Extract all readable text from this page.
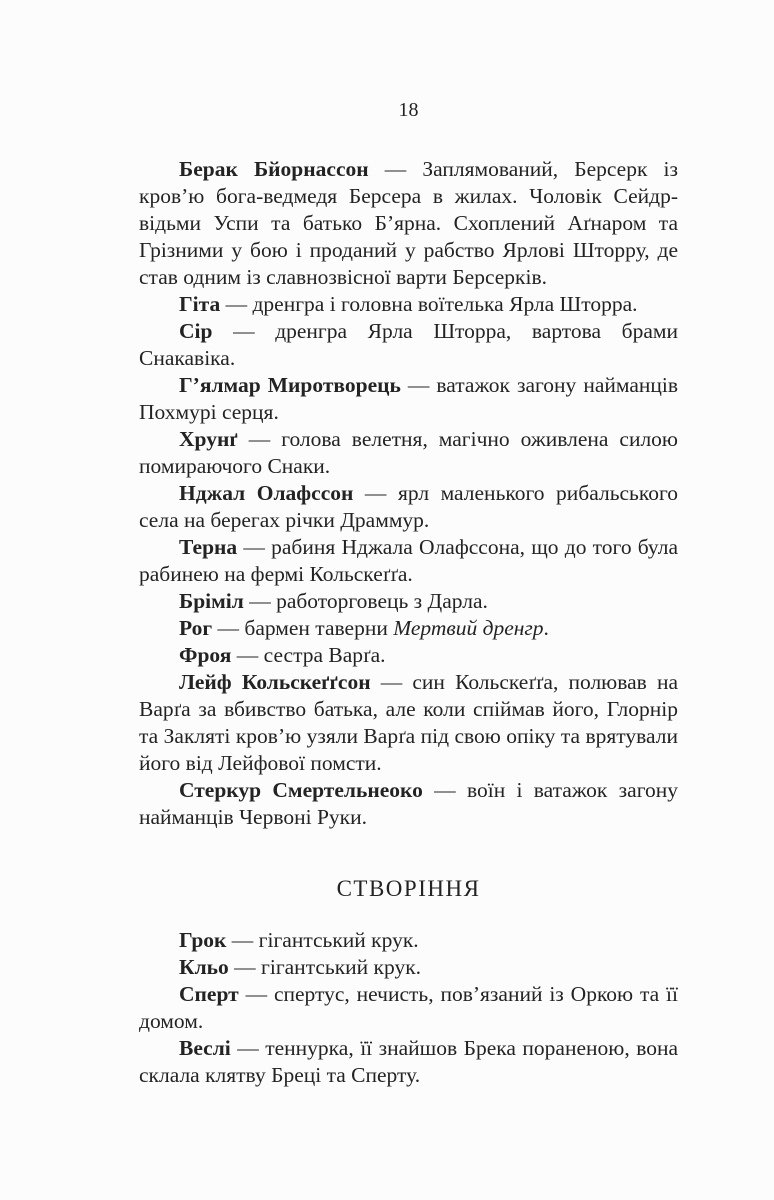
18

Берак Бйорнассон — Заплямований, Берсерк із кров’ю бога-ведмедя Берсера в жилах. Чоловік Сейдр-відьми Успи та батько Б’ярна. Схоплений Аґнаром та Грізними у бою і проданий у рабство Ярлові Шторру, де став одним із славнозвісної варти Берсерків.

Гіта — дренгра і головна воїтелька Ярла Шторра.

Сір — дренгра Ярла Шторра, вартова брами Снакавіка.

Г’ялмар Миротворець — ватажок загону найманців Похмурі серця.

Хрунґ — голова велетня, магічно оживлена силою помираючого Снаки.

Нджал Олафссон — ярл маленького рибальського села на берегах річки Драммур.

Терна — рабиня Нджала Олафссона, що до того була рабинею на фермі Кольскеґґа.

Бріміл — работорговець з Дарла.

Рог — бармен таверни Мертвий дренгр.

Фроя — сестра Варґа.

Лейф Кольскеґґсон — син Кольскеґґа, полював на Варґа за вбивство батька, але коли спіймав його, Глорнір та Закляті кров’ю узяли Варґа під свою опіку та врятували його від Лейфової помсти.

Стеркур Смертельнеоко — воїн і ватажок загону найманців Червоні Руки.

СТВОРІННЯ

Грок — гігантський крук.

Кльо — гігантський крук.

Сперт — спертус, нечисть, пов’язаний із Оркою та її домом.

Веслі — теннурка, її знайшов Брека пораненою, вона склала клятву Бреці та Сперту.
